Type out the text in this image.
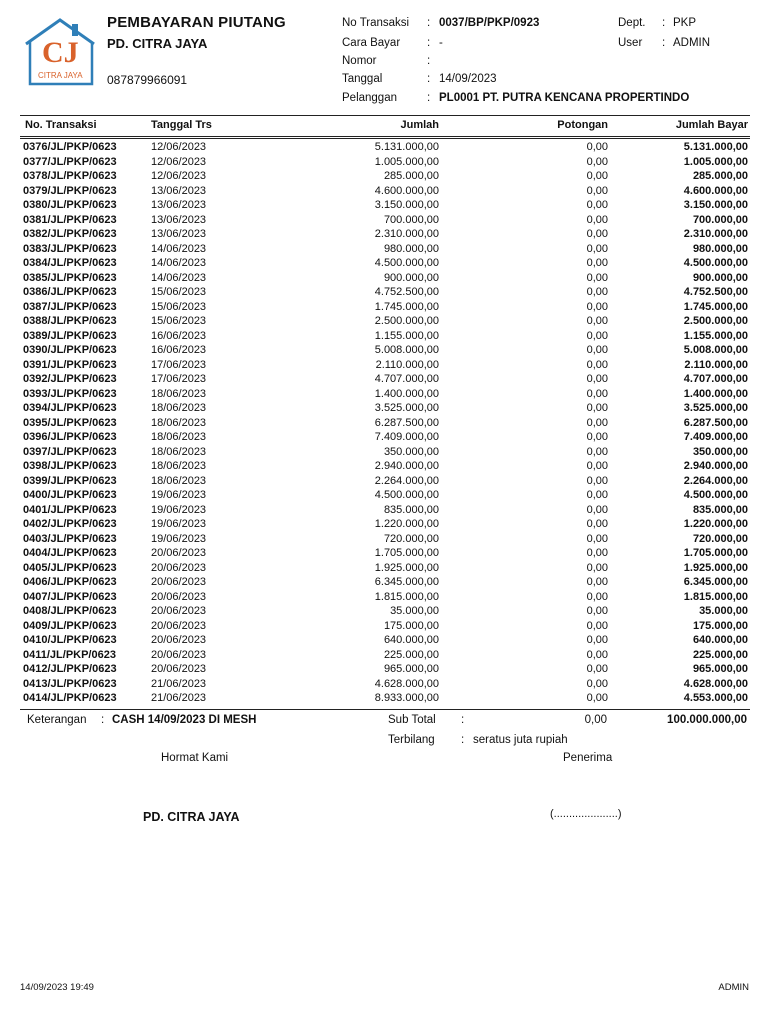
CJ
CITRA JAYA
PEMBAYARAN PIUTANG
PD. CITRA JAYA
087879966091
No Transaksi : 0037/BP/PKP/0923	Dept. : PKP
Cara Bayar : -	User : ADMIN
Nomor	:
Tanggal	: 14/09/2023
Pelanggan	: PL0001 PT. PUTRA KENCANA PROPERTINDO
No. Transaksi	Tanggal Trs	Jumlah	Potongan	Jumlah Bayar
0376/JL/PKP/0623	12/06/2023	5.131.000,00	0,00	5.131.000,00
0377/JL/PKP/0623	12/06/2023	1.005.000,00	0,00	1.005.000,00
0378/JL/PKP/0623	12/06/2023	285.000,00	0,00	285.000,00
0379/JL/PKP/0623	13/06/2023	4.600.000,00	0,00	4.600.000,00
0380/JL/PKP/0623	13/06/2023	3.150.000,00	0,00	3.150.000,00
0381/JL/PKP/0623	13/06/2023	700.000,00	0,00	700.000,00
0382/JL/PKP/0623	13/06/2023	2.310.000,00	0,00	2.310.000,00
0383/JL/PKP/0623	14/06/2023	980.000,00	0,00	980.000,00
0384/JL/PKP/0623	14/06/2023	4.500.000,00	0,00	4.500.000,00
0385/JL/PKP/0623	14/06/2023	900.000,00	0,00	900.000,00
0386/JL/PKP/0623	15/06/2023	4.752.500,00	0,00	4.752.500,00
0387/JL/PKP/0623	15/06/2023	1.745.000,00	0,00	1.745.000,00
0388/JL/PKP/0623	15/06/2023	2.500.000,00	0,00	2.500.000,00
0389/JL/PKP/0623	16/06/2023	1.155.000,00	0,00	1.155.000,00
0390/JL/PKP/0623	16/06/2023	5.008.000,00	0,00	5.008.000,00
0391/JL/PKP/0623	17/06/2023	2.110.000,00	0,00	2.110.000,00
0392/JL/PKP/0623	17/06/2023	4.707.000,00	0,00	4.707.000,00
0393/JL/PKP/0623	18/06/2023	1.400.000,00	0,00	1.400.000,00
0394/JL/PKP/0623	18/06/2023	3.525.000,00	0,00	3.525.000,00
0395/JL/PKP/0623	18/06/2023	6.287.500,00	0,00	6.287.500,00
0396/JL/PKP/0623	18/06/2023	7.409.000,00	0,00	7.409.000,00
0397/JL/PKP/0623	18/06/2023	350.000,00	0,00	350.000,00
0398/JL/PKP/0623	18/06/2023	2.940.000,00	0,00	2.940.000,00
0399/JL/PKP/0623	18/06/2023	2.264.000,00	0,00	2.264.000,00
0400/JL/PKP/0623	19/06/2023	4.500.000,00	0,00	4.500.000,00
0401/JL/PKP/0623	19/06/2023	835.000,00	0,00	835.000,00
0402/JL/PKP/0623	19/06/2023	1.220.000,00	0,00	1.220.000,00
0403/JL/PKP/0623	19/06/2023	720.000,00	0,00	720.000,00
0404/JL/PKP/0623	20/06/2023	1.705.000,00	0,00	1.705.000,00
0405/JL/PKP/0623	20/06/2023	1.925.000,00	0,00	1.925.000,00
0406/JL/PKP/0623	20/06/2023	6.345.000,00	0,00	6.345.000,00
0407/JL/PKP/0623	20/06/2023	1.815.000,00	0,00	1.815.000,00
0408/JL/PKP/0623	20/06/2023	35.000,00	0,00	35.000,00
0409/JL/PKP/0623	20/06/2023	175.000,00	0,00	175.000,00
0410/JL/PKP/0623	20/06/2023	640.000,00	0,00	640.000,00
0411/JL/PKP/0623	20/06/2023	225.000,00	0,00	225.000,00
0412/JL/PKP/0623	20/06/2023	965.000,00	0,00	965.000,00
0413/JL/PKP/0623	21/06/2023	4.628.000,00	0,00	4.628.000,00
0414/JL/PKP/0623	21/06/2023	8.933.000,00	0,00	4.553.000,00
Keterangan : CASH 14/09/2023 DI MESH	Sub Total :	0,00	100.000.000,00
Terbilang : seratus juta rupiah
Hormat Kami	Penerima
PD. CITRA JAYA	(.....................)
14/09/2023 19:49	ADMIN
